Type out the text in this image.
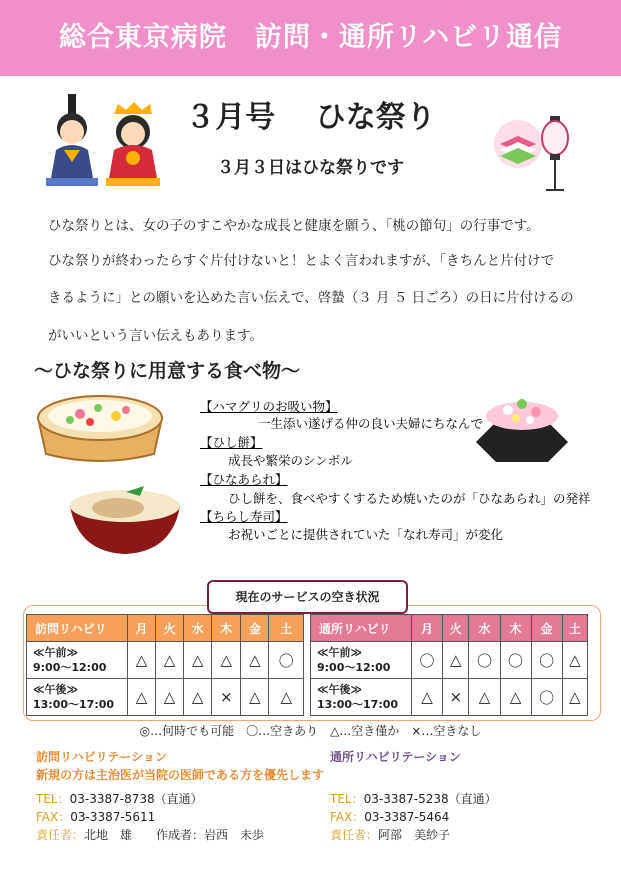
総合東京病院　訪問・通所リハビリ通信
３月号　 ひな祭り
３月３日はひな祭りです
ひな祭りとは、女の子のすこやかな成長と健康を願う、「桃の節句」の行事です。
ひな祭りが終わったらすぐ片付けないと！とよく言われますが、「きちんと片付けで
きるように」との願いを込めた言い伝えで、啓蟄（３ 月 ５ 日ごろ）の日に片付けるの
がいいという言い伝えもあります。
～ひな祭りに用意する食べ物～
【ハマグリのお吸い物】
一生添い遂げる仲の良い夫婦にちなんで
【ひし餅】
成長や繁栄のシンボル
【ひなあられ】
ひし餅を、食べやすくするため焼いたのが「ひなあられ」の発祥
【ちらし寿司】
お祝いごとに提供されていた「なれ寿司」が変化
現在のサービスの空き状況
訪問リハビリ	月	火	水	木	金	土
≪午前≫
9:00～12:00	△	△	△	△	△	〇
≪午後≫
13:00～17:00	△	△	△	×	△	△
通所リハビリ	月	火	水	木	金	土
≪午前≫
9:00～12:00	〇	△	〇	〇	〇	△
≪午後≫
13:00～17:00	△	×	△	△	〇	△
◎…何時でも可能　〇…空きあり　△…空き僅か　×…空きなし
訪問リハビリテーション
新規の方は主治医が当院の医師である方を優先します
TEL：03-3387-8738（直通）
FAX：03-3387-5611
責任者：北地　雄　　作成者：岩西　未歩
通所リハビリテーション
TEL：03-3387-5238（直通）
FAX：03-3387-5464
責任者：阿部　美紗子
